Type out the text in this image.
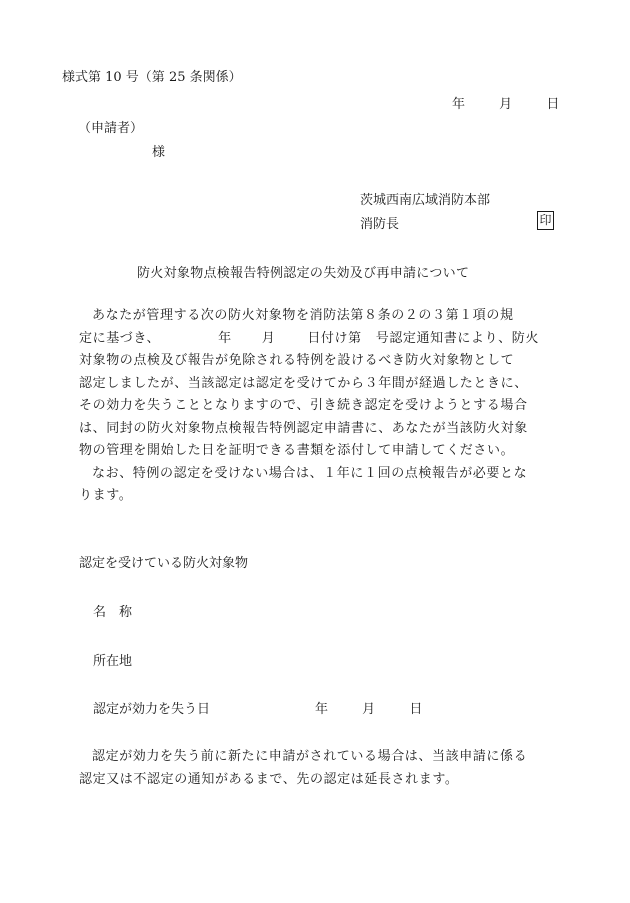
様式第 10 号（第 25 条関係）
年	月	日
（申請者）
様
茨城西南広域消防本部
消防長	印
防火対象物点検報告特例認定の失効及び再申請について

あなたが管理する次の防火対象物を消防法第８条の２の３第１項の規

定に基づき、	年 月 日付け第 号認定通知書により、防火
対象物の点検及び報告が免除される特例を設けるべき防火対象物として
認定しましたが、当該認定は認定を受けてから３年間が経過したときに、
その効力を失うこととなりますので、引き続き認定を受けようとする場合
は、同封の防火対象物点検報告特例認定申請書に、あなたが当該防火対象
物の管理を開始した日を証明できる書類を添付して申請してください。

なお、特例の認定を受けない場合は、１年に１回の点検報告が必要とな

ります。
認定を受けている防火対象物
名　称
所在地
認定が効力を失う日	年	月	日

認定が効力を失う前に新たに申請がされている場合は、当該申請に係る

認定又は不認定の通知があるまで、先の認定は延長されます。
